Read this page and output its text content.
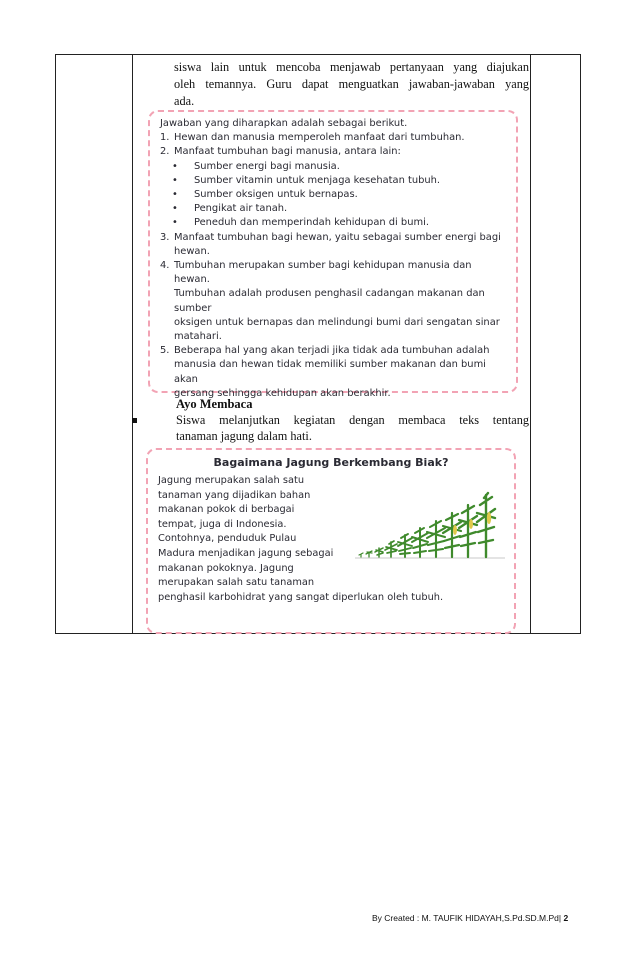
siswa lain untuk mencoba menjawab pertanyaan yang diajukan
oleh temannya. Guru dapat menguatkan jawaban-jawaban yang
ada.
Jawaban yang diharapkan adalah sebagai berikut.
1. Hewan dan manusia memperoleh manfaat dari tumbuhan.
2. Manfaat tumbuhan bagi manusia, antara lain:
•	Sumber energi bagi manusia.
•	Sumber vitamin untuk menjaga kesehatan tubuh.
•	Sumber oksigen untuk bernapas.
•	Pengikat air tanah.
•	Peneduh dan memperindah kehidupan di bumi.
3. Manfaat tumbuhan bagi hewan, yaitu sebagai sumber energi bagi
hewan.
4. Tumbuhan merupakan sumber bagi kehidupan manusia dan hewan.
Tumbuhan adalah produsen penghasil cadangan makanan dan sumber
oksigen untuk bernapas dan melindungi bumi dari sengatan sinar
matahari.
5. Beberapa hal yang akan terjadi jika tidak ada tumbuhan adalah
manusia dan hewan tidak memiliki sumber makanan dan bumi akan
gersang sehingga kehidupan akan berakhir.
Ayo Membaca
Siswa melanjutkan kegiatan dengan membaca teks tentang
tanaman jagung dalam hati.
Bagaimana Jagung Berkembang Biak?
Jagung merupakan salah satu
tanaman yang dijadikan bahan
makanan pokok di berbagai
tempat, juga di Indonesia.
Contohnya, penduduk Pulau
Madura menjadikan jagung sebagai
makanan pokoknya. Jagung
merupakan salah satu tanaman
penghasil karbohidrat yang sangat diperlukan oleh tubuh.
By Created : M. TAUFIK HIDAYAH,S.Pd.SD.M.Pd| 2
